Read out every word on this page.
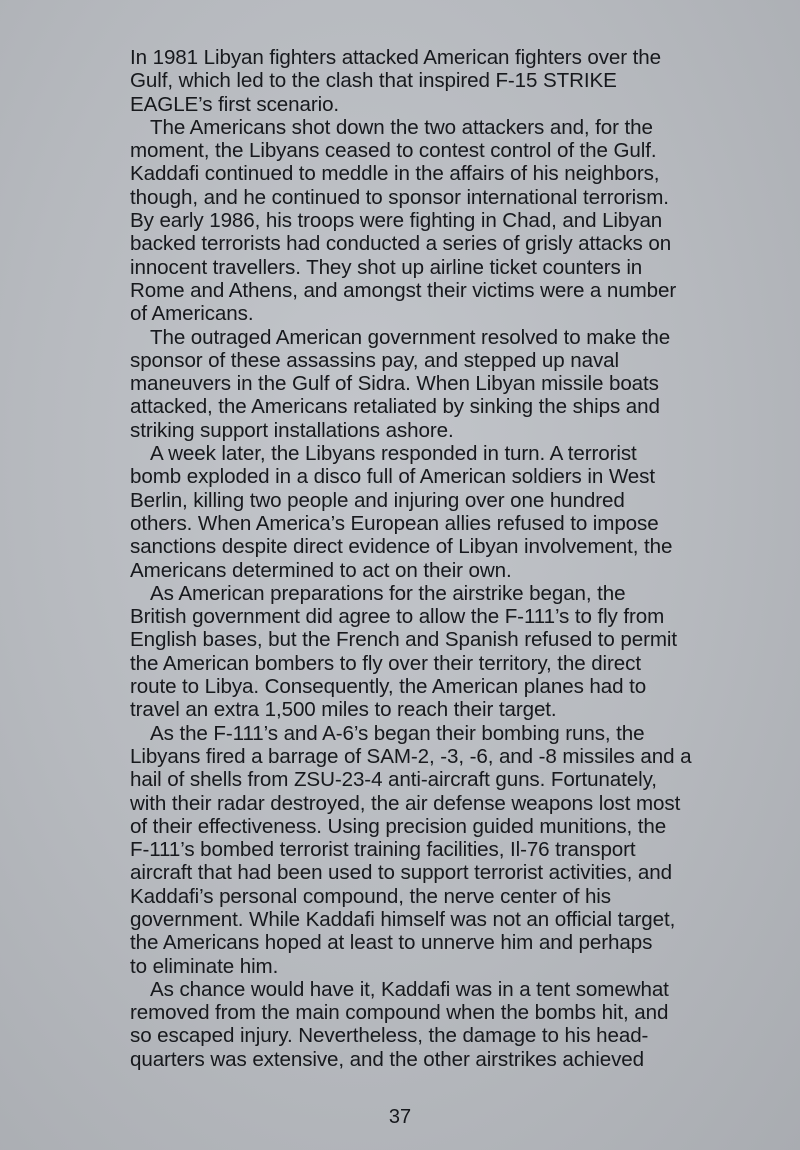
In 1981 Libyan fighters attacked American fighters over the
Gulf, which led to the clash that inspired F-15 STRIKE
EAGLE’s first scenario.

The Americans shot down the two attackers and, for the
moment, the Libyans ceased to contest control of the Gulf.
Kaddafi continued to meddle in the affairs of his neighbors,
though, and he continued to sponsor international terrorism.
By early 1986, his troops were fighting in Chad, and Libyan
backed terrorists had conducted a series of grisly attacks on
innocent travellers. They shot up airline ticket counters in
Rome and Athens, and amongst their victims were a number
of Americans.

The outraged American government resolved to make the
sponsor of these assassins pay, and stepped up naval
maneuvers in the Gulf of Sidra. When Libyan missile boats
attacked, the Americans retaliated by sinking the ships and
striking support installations ashore.

A week later, the Libyans responded in turn. A terrorist
bomb exploded in a disco full of American soldiers in West
Berlin, killing two people and injuring over one hundred
others. When America’s European allies refused to impose
sanctions despite direct evidence of Libyan involvement, the
Americans determined to act on their own.

As American preparations for the airstrike began, the
British government did agree to allow the F-111’s to fly from
English bases, but the French and Spanish refused to permit
the American bombers to fly over their territory, the direct
route to Libya. Consequently, the American planes had to
travel an extra 1,500 miles to reach their target.

As the F-111’s and A-6’s began their bombing runs, the
Libyans fired a barrage of SAM-2, -3, -6, and -8 missiles and a
hail of shells from ZSU-23-4 anti-aircraft guns. Fortunately,
with their radar destroyed, the air defense weapons lost most
of their effectiveness. Using precision guided munitions, the
F-111’s bombed terrorist training facilities, Il-76 transport
aircraft that had been used to support terrorist activities, and
Kaddafi’s personal compound, the nerve center of his
government. While Kaddafi himself was not an official target,
the Americans hoped at least to unnerve him and perhaps
to eliminate him.

As chance would have it, Kaddafi was in a tent somewhat
removed from the main compound when the bombs hit, and
so escaped injury. Nevertheless, the damage to his head-
quarters was extensive, and the other airstrikes achieved

37
